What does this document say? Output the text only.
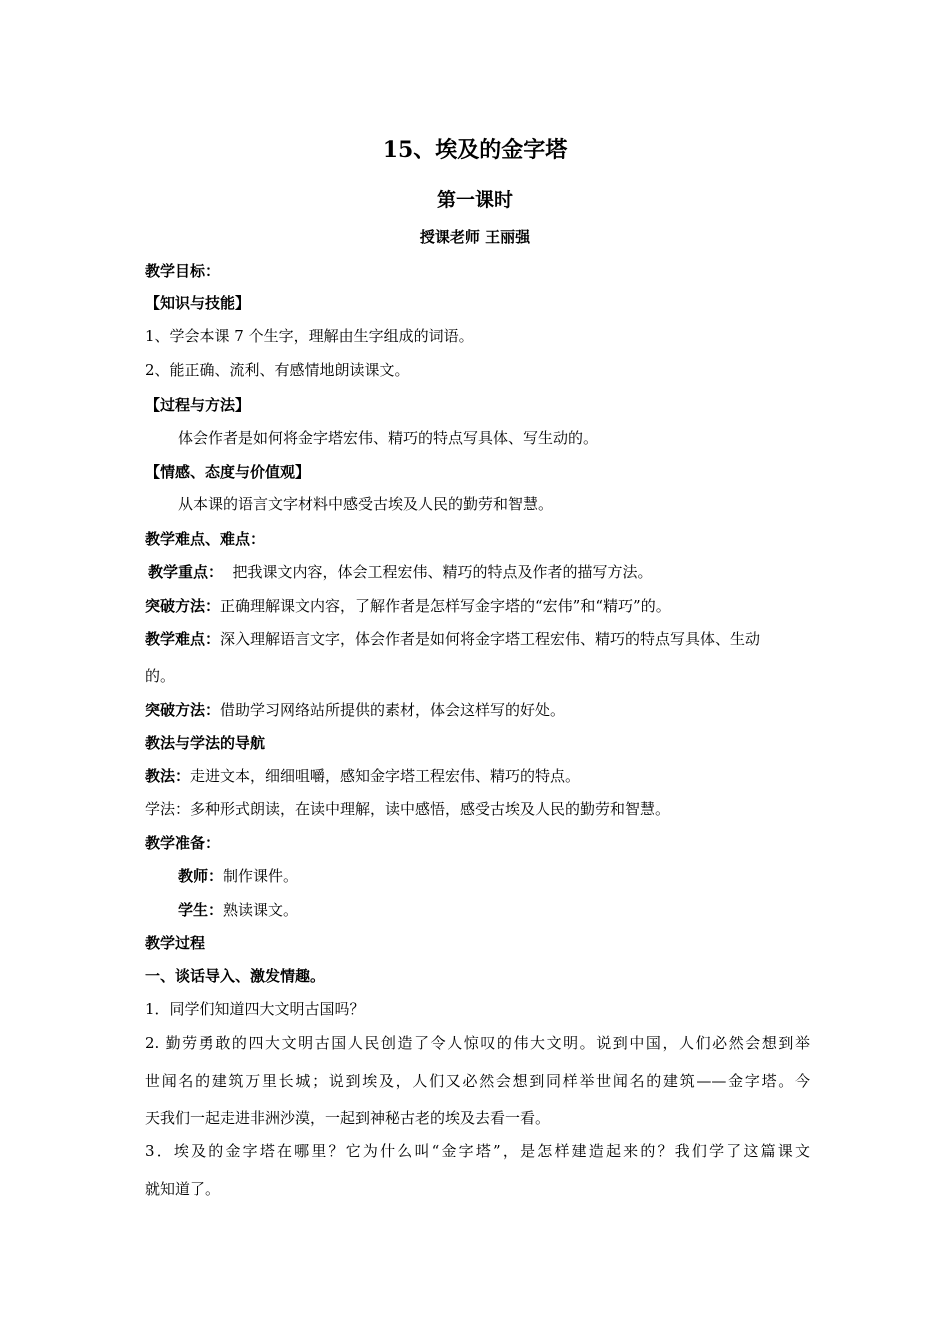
15、埃及的金字塔
第一课时
授课老师 王丽强
教学目标：
【知识与技能】
1、学会本课 7 个生字，理解由生字组成的词语。
2、能正确、流利、有感情地朗读课文。
【过程与方法】
体会作者是如何将金字塔宏伟、精巧的特点写具体、写生动的。
【情感、态度与价值观】
从本课的语言文字材料中感受古埃及人民的勤劳和智慧。
教学难点、难点：
教学重点：  把我课文内容，体会工程宏伟、精巧的特点及作者的描写方法。
突破方法：正确理解课文内容，了解作者是怎样写金字塔的“宏伟”和“精巧”的。
教学难点：深入理解语言文字，体会作者是如何将金字塔工程宏伟、精巧的特点写具体、生动
的。
突破方法：借助学习网络站所提供的素材，体会这样写的好处。
教法与学法的导航
教法：走进文本，细细咀嚼，感知金字塔工程宏伟、精巧的特点。
学法：多种形式朗读，在读中理解，读中感悟，感受古埃及人民的勤劳和智慧。
教学准备：
教师：制作课件。
学生：熟读课文。
教学过程
一、谈话导入、激发情趣。
1．同学们知道四大文明古国吗？
2. 勤劳勇敢的四大文明古国人民创造了令人惊叹的伟大文明。说到中国，人们必然会想到举
世闻名的建筑万里长城；说到埃及，人们又必然会想到同样举世闻名的建筑——金字塔。今
天我们一起走进非洲沙漠，一起到神秘古老的埃及去看一看。
3．埃及的金字塔在哪里？它为什么叫“金字塔”，是怎样建造起来的？我们学了这篇课文
就知道了。
